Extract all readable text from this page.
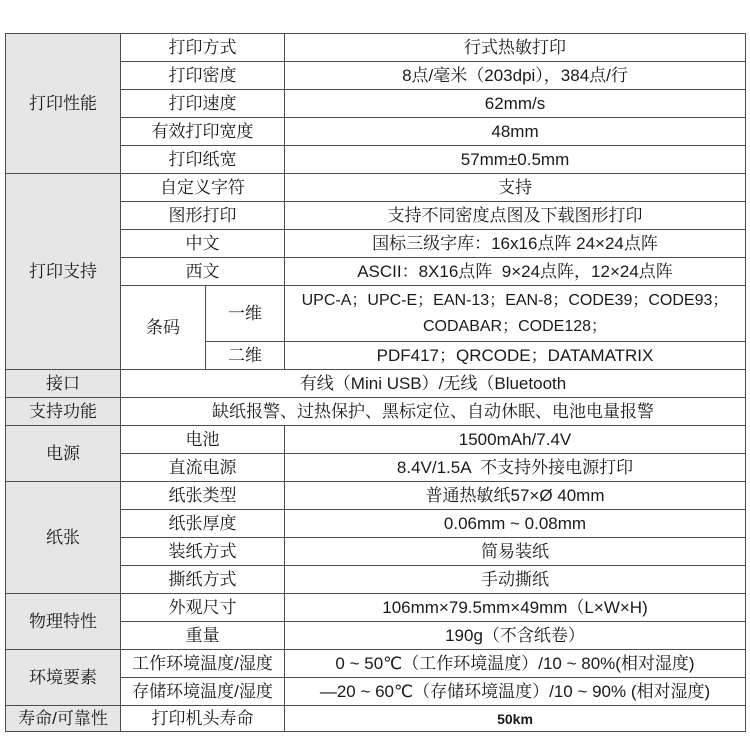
打印性能	打印方式		行式热敏打印
	打印密度		8点/毫米（203dpi），384点/行
	打印速度		62mm/s
	有效打印宽度		48mm
	打印纸宽		57mm±0.5mm
打印支持	自定义字符		支持
	图形打印		支持不同密度点图及下载图形打印
	中文		国标三级字库：16x16点阵 24×24点阵
	西文		ASCII：8X16点阵  9×24点阵，12×24点阵
	条码	一维	UPC-A；UPC-E；EAN-13；EAN-8；CODE39；CODE93；
CODABAR；CODE128；

		二维	PDF417；QRCODE；DATAMATRIX
接口	有线（Mini USB）/无线（Bluetooth		
支持功能	缺纸报警、过热保护、黑标定位、自动休眠、电池电量报警		
电源	电池		1500mAh/7.4V
	直流电源		8.4V/1.5A  不支持外接电源打印
纸张	纸张类型		普通热敏纸57×Ø 40mm
	纸张厚度		0.06mm ~ 0.08mm
	装纸方式		简易装纸
	撕纸方式		手动撕纸
物理特性	外观尺寸		106mm×79.5mm×49mm（L×W×H)
	重量		190g（不含纸卷）
环境要素	工作环境温度/湿度		0 ~ 50℃（工作环境温度）/10 ~ 80%(相对湿度)
	存储环境温度/湿度		—20 ~ 60℃（存储环境温度）/10 ~ 90% (相对湿度)
寿命/可靠性	打印机头寿命		50km
